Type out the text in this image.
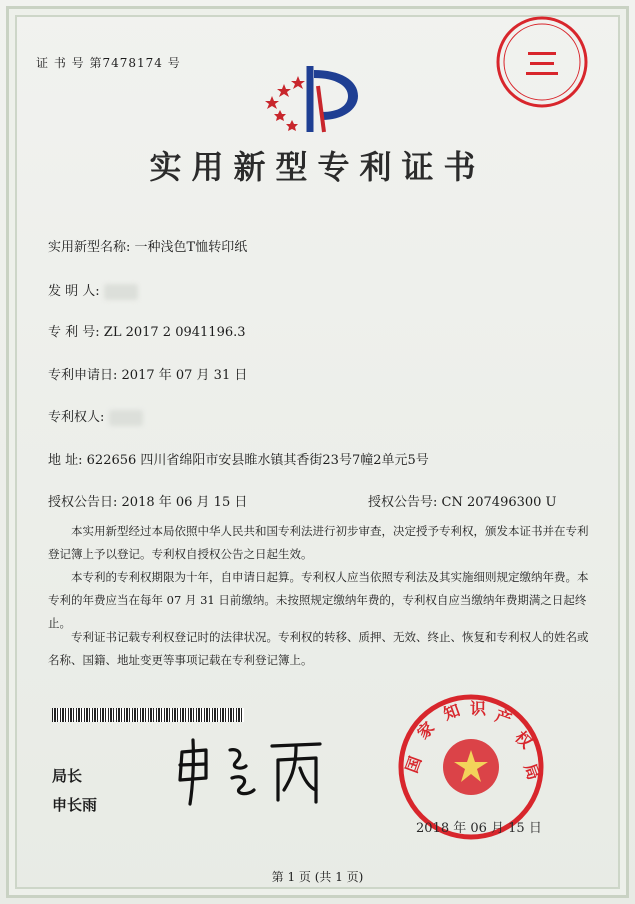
证 书 号 第7478174 号
实用新型专利证书
实用新型名称: 一种浅色T恤转印纸
发 明 人:
专 利 号: ZL 2017 2 0941196.3
专利申请日: 2017 年 07 月 31 日
专利权人:
地 址: 622656 四川省绵阳市安县睢水镇其香街23号7幢2单元5号
授权公告日: 2018 年 06 月 15 日	授权公告号: CN 207496300 U
本实用新型经过本局依照中华人民共和国专利法进行初步审查，决定授予专利权，颁发本证书并在专利登记簿上予以登记。专利权自授权公告之日起生效。
本专利的专利权期限为十年，自申请日起算。专利权人应当依照专利法及其实施细则规定缴纳年费。本专利的年费应当在每年 07 月 31 日前缴纳。未按照规定缴纳年费的，专利权自应当缴纳年费期满之日起终止。
专利证书记载专利权登记时的法律状况。专利权的转移、质押、无效、终止、恢复和专利权人的姓名或名称、国籍、地址变更等事项记载在专利登记簿上。
局长
申长雨
国
家
知 识 产
权
局
2018 年 06 月 15 日
第 1 页 (共 1 页)
